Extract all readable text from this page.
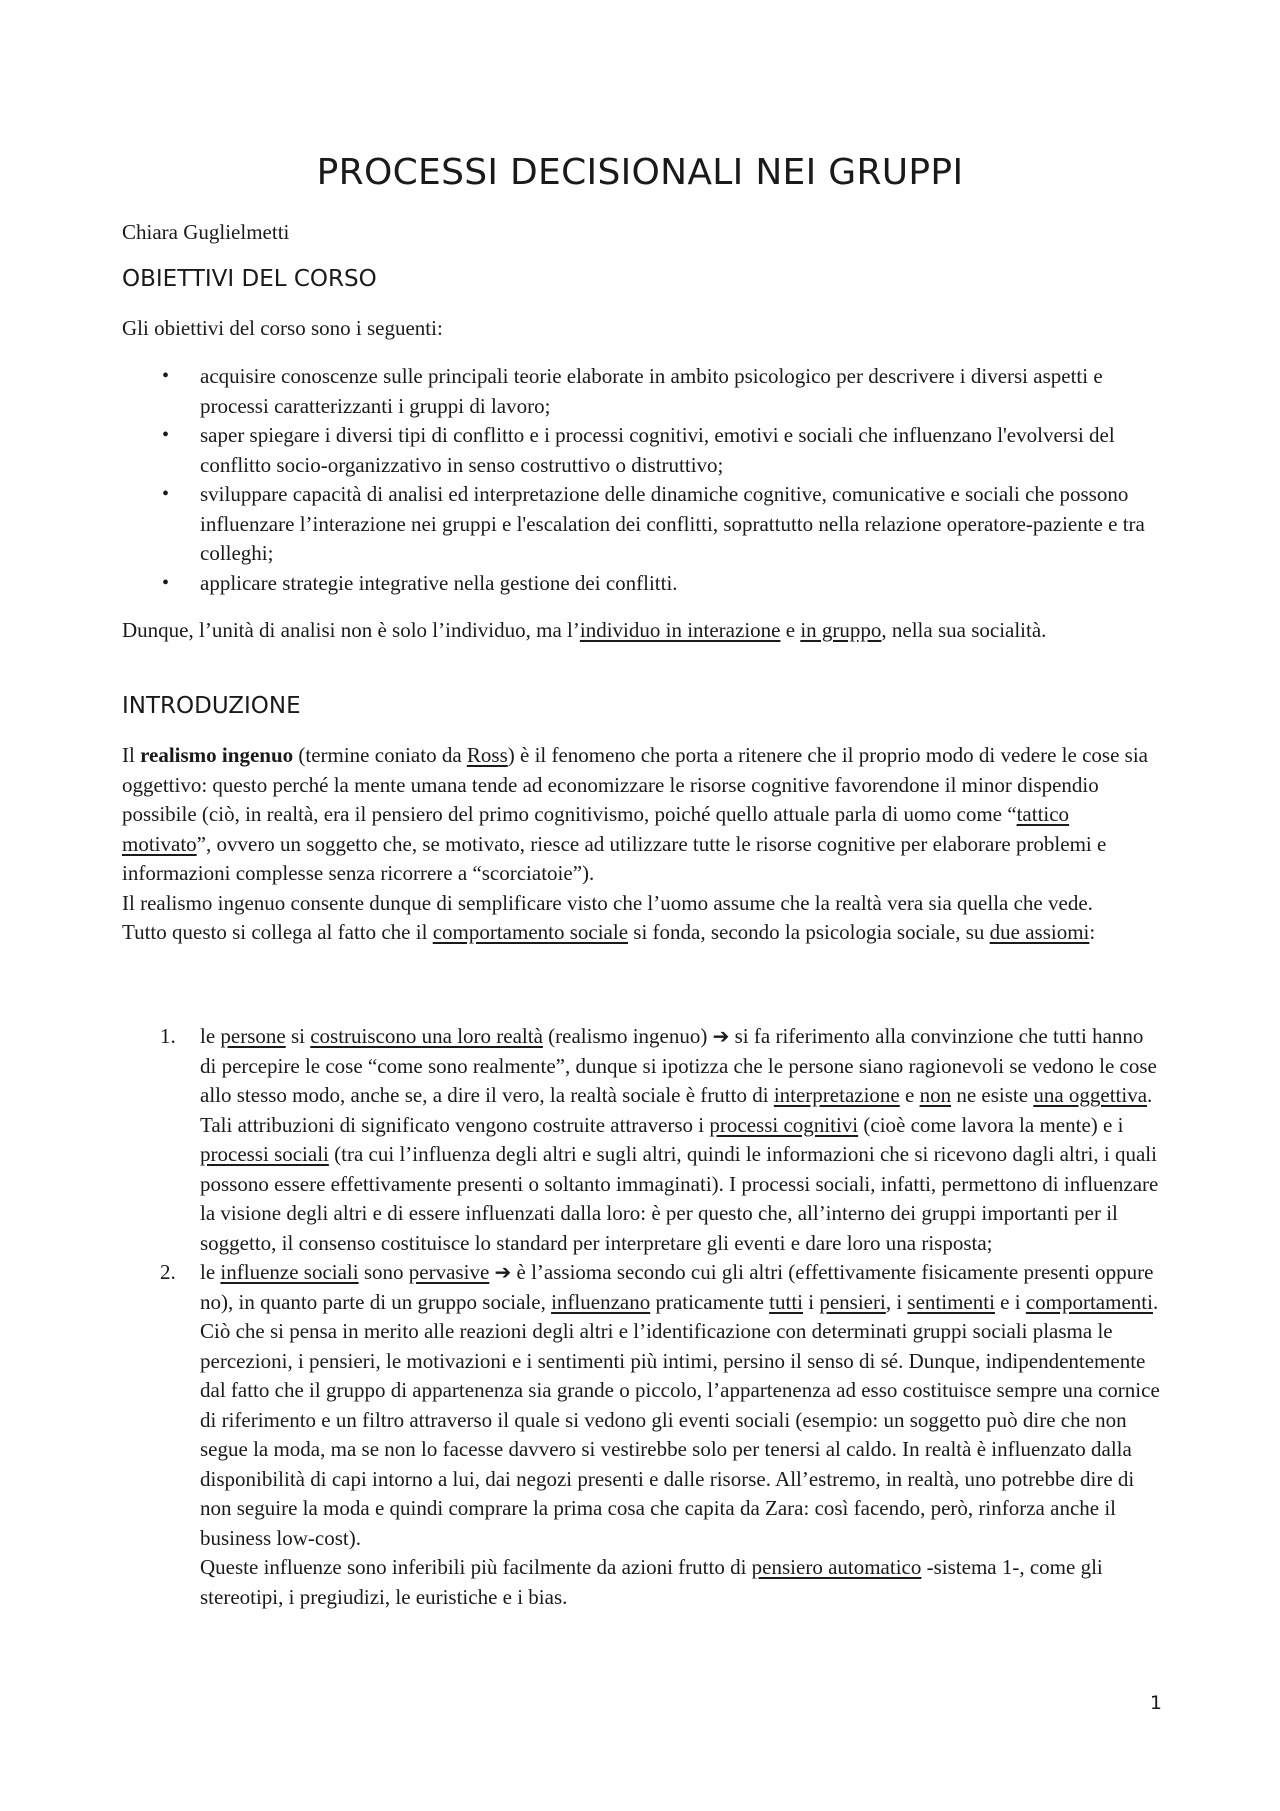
PROCESSI DECISIONALI NEI GRUPPI

Chiara Guglielmetti

OBIETTIVI DEL CORSO

Gli obiettivi del corso sono i seguenti:

• acquisire conoscenze sulle principali teorie elaborate in ambito psicologico per descrivere i diversi aspetti e processi caratterizzanti i gruppi di lavoro;
• saper spiegare i diversi tipi di conflitto e i processi cognitivi, emotivi e sociali che influenzano l'evolversi del conflitto socio-organizzativo in senso costruttivo o distruttivo;
• sviluppare capacità di analisi ed interpretazione delle dinamiche cognitive, comunicative e sociali che possono influenzare l’interazione nei gruppi e l'escalation dei conflitti, soprattutto nella relazione operatore-paziente e tra colleghi;
• applicare strategie integrative nella gestione dei conflitti.

Dunque, l’unità di analisi non è solo l’individuo, ma l’individuo in interazione e in gruppo, nella sua socialità.

INTRODUZIONE

Il realismo ingenuo (termine coniato da Ross) è il fenomeno che porta a ritenere che il proprio modo di vedere le cose sia oggettivo: questo perché la mente umana tende ad economizzare le risorse cognitive favorendone il minor dispendio possibile (ciò, in realtà, era il pensiero del primo cognitivismo, poiché quello attuale parla di uomo come “tattico motivato”, ovvero un soggetto che, se motivato, riesce ad utilizzare tutte le risorse cognitive per elaborare problemi e informazioni complesse senza ricorrere a “scorciatoie”).
Il realismo ingenuo consente dunque di semplificare visto che l’uomo assume che la realtà vera sia quella che vede.
Tutto questo si collega al fatto che il comportamento sociale si fonda, secondo la psicologia sociale, su due assiomi:

1. le persone si costruiscono una loro realtà (realismo ingenuo) ➔ si fa riferimento alla convinzione che tutti hanno di percepire le cose “come sono realmente”, dunque si ipotizza che le persone siano ragionevoli se vedono le cose allo stesso modo, anche se, a dire il vero, la realtà sociale è frutto di interpretazione e non ne esiste una oggettiva. Tali attribuzioni di significato vengono costruite attraverso i processi cognitivi (cioè come lavora la mente) e i processi sociali (tra cui l’influenza degli altri e sugli altri, quindi le informazioni che si ricevono dagli altri, i quali possono essere effettivamente presenti o soltanto immaginati). I processi sociali, infatti, permettono di influenzare la visione degli altri e di essere influenzati dalla loro: è per questo che, all’interno dei gruppi importanti per il soggetto, il consenso costituisce lo standard per interpretare gli eventi e dare loro una risposta;
2. le influenze sociali sono pervasive ➔ è l’assioma secondo cui gli altri (effettivamente fisicamente presenti oppure no), in quanto parte di un gruppo sociale, influenzano praticamente tutti i pensieri, i sentimenti e i comportamenti. Ciò che si pensa in merito alle reazioni degli altri e l’identificazione con determinati gruppi sociali plasma le percezioni, i pensieri, le motivazioni e i sentimenti più intimi, persino il senso di sé. Dunque, indipendentemente dal fatto che il gruppo di appartenenza sia grande o piccolo, l’appartenenza ad esso costituisce sempre una cornice di riferimento e un filtro attraverso il quale si vedono gli eventi sociali (esempio: un soggetto può dire che non segue la moda, ma se non lo facesse davvero si vestirebbe solo per tenersi al caldo. In realtà è influenzato dalla disponibilità di capi intorno a lui, dai negozi presenti e dalle risorse. All’estremo, in realtà, uno potrebbe dire di non seguire la moda e quindi comprare la prima cosa che capita da Zara: così facendo, però, rinforza anche il business low-cost).
Queste influenze sono inferibili più facilmente da azioni frutto di pensiero automatico -sistema 1-, come gli stereotipi, i pregiudizi, le euristiche e i bias.
1
